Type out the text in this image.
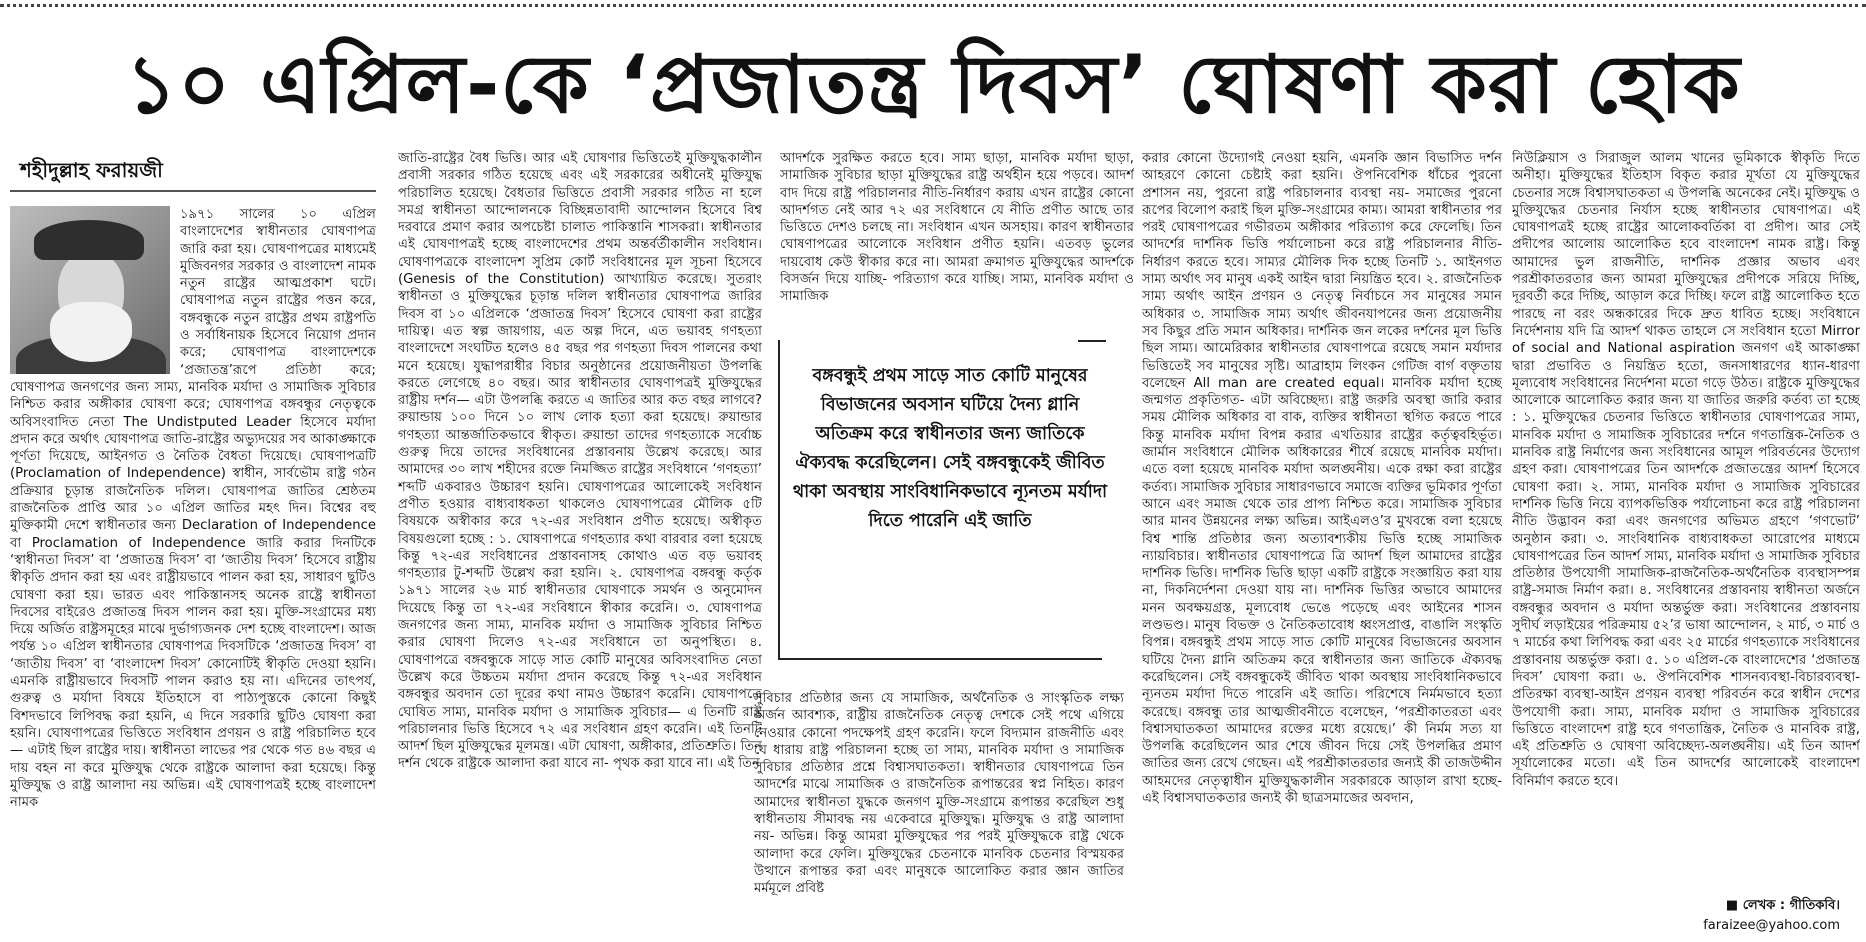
১০ এপ্রিল-কে ‘প্রজাতন্ত্র দিবস’ ঘোষণা করা হোক
শহীদুল্লাহ ফরায়জী

১৯৭১ সালের ১০ এপ্রিল বাংলাদেশের স্বাধীনতার ঘোষণাপত্র জারি করা হয়। ঘোষণাপত্রের মাধ্যমেই মুজিবনগর সরকার ও বাংলাদেশ নামক নতুন রাষ্ট্রের আত্মপ্রকাশ ঘটে। ঘোষণাপত্র নতুন রাষ্ট্রের পত্তন করে, বঙ্গবন্ধুকে নতুন রাষ্ট্রের প্রথম রাষ্ট্রপতি ও সর্বাধিনায়ক হিসেবে নিয়োগ প্রদান করে; ঘোষণাপত্র বাংলাদেশকে ‘প্রজাতন্ত্র’রূপে প্রতিষ্ঠা করে; ঘোষণাপত্র জনগণের জন্য সাম্য, মানবিক মর্যাদা ও সামাজিক সুবিচার নিশ্চিত করার অঙ্গীকার ঘোষণা করে; ঘোষণাপত্র বঙ্গবন্ধুর নেতৃত্বকে অবিসংবাদিত নেতা The Undistputed Leader হিসেবে মর্যাদা প্রদান করে অর্থাৎ ঘোষণাপত্র জাতি-রাষ্ট্রের অভ্যুদয়ের সব আকাঙ্ক্ষাকে পূর্ণতা দিয়েছে, আইনগত ও নৈতিক বৈধতা দিয়েছে। ঘোষণাপত্রটি (Proclamation of Independence) স্বাধীন, সার্বভৌম রাষ্ট্র গঠন প্রক্রিয়ার চূড়ান্ত রাজনৈতিক দলিল। ঘোষণাপত্র জাতির শ্রেষ্ঠতম রাজনৈতিক প্রাপ্তি আর ১০ এপ্রিল জাতির মহৎ দিন। বিশ্বের বহু মুক্তিকামী দেশে স্বাধীনতার জন্য Declaration of Independence বা Proclamation of Independence জারি করার দিনটিকে ‘স্বাধীনতা দিবস’ বা ‘প্রজাতন্ত্র দিবস’ বা ‘জাতীয় দিবস’ হিসেবে রাষ্ট্রীয় স্বীকৃতি প্রদান করা হয় এবং রাষ্ট্রীয়ভাবে পালন করা হয়, সাধারণ ছুটিও ঘোষণা করা হয়। ভারত এবং পাকিস্তানসহ অনেক রাষ্ট্রে স্বাধীনতা দিবসের বাইরেও প্রজাতন্ত্র দিবস পালন করা হয়। মুক্তি-সংগ্রামের মধ্য দিয়ে অর্জিত রাষ্ট্রসমূহের মাঝে দুর্ভাগ্যজনক দেশ হচ্ছে বাংলাদেশ। আজ পর্যন্ত ১০ এপ্রিল স্বাধীনতার ঘোষণাপত্র দিবসটিকে ‘প্রজাতন্ত্র দিবস’ বা ‘জাতীয় দিবস’ বা ‘বাংলাদেশ দিবস’ কোনোটিই স্বীকৃতি দেওয়া হয়নি। এমনকি রাষ্ট্রীয়ভাবে দিবসটি পালন করাও হয় না। এদিনের তাৎপর্য, গুরুত্ব ও মর্যাদা বিষয়ে ইতিহাসে বা পাঠ্যপুস্তকে কোনো কিছুই বিশদভাবে লিপিবদ্ধ করা হয়নি, এ দিনে সরকারি ছুটিও ঘোষণা করা হয়নি। ঘোষণাপত্রের ভিত্তিতে সংবিধান প্রণয়ন ও রাষ্ট্র পরিচালিত হবে— এটাই ছিল রাষ্ট্রের দায়। স্বাধীনতা লাভের পর থেকে গত ৪৬ বছর এ দায় বহন না করে মুক্তিযুদ্ধ থেকে রাষ্ট্রকে আলাদা করা হয়েছে। কিন্তু মুক্তিযুদ্ধ ও রাষ্ট্র আলাদা নয় অভিন্ন। এই ঘোষণাপত্রই হচ্ছে বাংলাদেশ নামক

জাতি-রাষ্ট্রের বৈধ ভিত্তি। আর এই ঘোষণার ভিত্তিতেই মুক্তিযুদ্ধকালীন প্রবাসী সরকার গঠিত হয়েছে এবং এই সরকারের অধীনেই মুক্তিযুদ্ধ পরিচালিত হয়েছে। বৈধতার ভিত্তিতে প্রবাসী সরকার গঠিত না হলে সমগ্র স্বাধীনতা আন্দোলনকে বিচ্ছিন্নতাবাদী আন্দোলন হিসেবে বিশ্ব দরবারে প্রমাণ করার অপচেষ্টা চালাত পাকিস্তানি শাসকরা। স্বাধীনতার এই ঘোষণাপত্রই হচ্ছে বাংলাদেশের প্রথম অন্তর্বর্তীকালীন সংবিধান। ঘোষণাপত্রকে বাংলাদেশ সুপ্রিম কোর্ট সংবিধানের মূল সূচনা হিসেবে (Genesis of the Constitution) আখ্যায়িত করেছে। সুতরাং স্বাধীনতা ও মুক্তিযুদ্ধের চূড়ান্ত দলিল স্বাধীনতার ঘোষণাপত্র জারির দিবস বা ১০ এপ্রিলকে ‘প্রজাতন্ত্র দিবস’ হিসেবে ঘোষণা করা রাষ্ট্রের দায়িত্ব। এত স্বল্প জায়গায়, এত অল্প দিনে, এত ভয়াবহ গণহত্যা বাংলাদেশে সংঘটিত হলেও ৪৫ বছর পর গণহত্যা দিবস পালনের কথা মনে হয়েছে। যুদ্ধাপরাধীর বিচার অনুষ্ঠানের প্রয়োজনীয়তা উপলব্ধি করতে লেগেছে ৪০ বছর। আর স্বাধীনতার ঘোষণাপত্রই মুক্তিযুদ্ধের রাষ্ট্রীয় দর্শন— এটা উপলব্ধি করতে এ জাতির আর কত বছর লাগবে? রুয়ান্ডায় ১০০ দিনে ১০ লাখ লোক হত্যা করা হয়েছে। রুয়ান্ডার গণহত্যা আন্তর্জাতিকভাবে স্বীকৃত। রুয়ান্ডা তাদের গণহত্যাকে সর্বোচ্চ গুরুত্ব দিয়ে তাদের সংবিধানের প্রস্তাবনায় উল্লেখ করেছে। আর আমাদের ৩০ লাখ শহীদের রক্তে নিমজ্জিত রাষ্ট্রের সংবিধানে ‘গণহত্যা’ শব্দটি একবারও উচ্চারণ হয়নি। ঘোষণাপত্রের আলোকেই সংবিধান প্রণীত হওয়ার বাধ্যবাধকতা থাকলেও ঘোষণাপত্রের মৌলিক ৫টি বিষয়কে অস্বীকার করে ৭২-এর সংবিধান প্রণীত হয়েছে। অস্বীকৃত বিষয়গুলো হচ্ছে : ১. ঘোষণাপত্রে গণহত্যার কথা বারবার বলা হয়েছে কিন্তু ৭২-এর সংবিধানের প্রস্তাবনাসহ কোথাও এত বড় ভয়াবহ গণহত্যার টু-শব্দটি উল্লেখ করা হয়নি। ২. ঘোষণাপত্র বঙ্গবন্ধু কর্তৃক ১৯৭১ সালের ২৬ মার্চ স্বাধীনতার ঘোষণাকে সমর্থন ও অনুমোদন দিয়েছে কিন্তু তা ৭২-এর সংবিধানে স্বীকার করেনি। ৩. ঘোষণাপত্র জনগণের জন্য সাম্য, মানবিক মর্যাদা ও সামাজিক সুবিচার নিশ্চিত করার ঘোষণা দিলেও ৭২-এর সংবিধানে তা অনুপস্থিত। ৪. ঘোষণাপত্রে বঙ্গবন্ধুকে সাড়ে সাত কোটি মানুষের অবিসংবাদিত নেতা উল্লেখ করে উচ্চতম মর্যাদা প্রদান করেছে কিন্তু ৭২-এর সংবিধান বঙ্গবন্ধুর অবদান তো দূরের কথা নামও উচ্চারণ করেনি। ঘোষণাপত্রে ঘোষিত সাম্য, মানবিক মর্যাদা ও সামাজিক সুবিচার— এ তিনটি রাষ্ট্র পরিচালনার ভিত্তি হিসেবে ৭২ এর সংবিধান গ্রহণ করেনি। এই তিনটি আদর্শ ছিল মুক্তিযুদ্ধের মূলমন্ত্র। এটা ঘোষণা, অঙ্গীকার, প্রতিশ্রুতি। তিন দর্শন থেকে রাষ্ট্রকে আলাদা করা যাবে না- পৃথক করা যাবে না। এই তিন

আদর্শকে সুরক্ষিত করতে হবে। সাম্য ছাড়া, মানবিক মর্যাদা ছাড়া, সামাজিক সুবিচার ছাড়া মুক্তিযুদ্ধের রাষ্ট্র অর্থহীন হয়ে পড়বে। আদর্শ বাদ দিয়ে রাষ্ট্র পরিচালনার নীতি-নির্ধারণ করায় এখন রাষ্ট্রের কোনো আদর্শগত নেই আর ৭২ এর সংবিধানে যে নীতি প্রণীত আছে তার ভিত্তিতে দেশও চলছে না। সংবিধান এখন অসহায়। কারণ স্বাধীনতার ঘোষণাপত্রের আলোকে সংবিধান প্রণীত হয়নি। এতবড় ভুলের দায়বোধ কেউ স্বীকার করে না। আমরা ক্রমাগত মুক্তিযুদ্ধের আদর্শকে বিসর্জন দিয়ে যাচ্ছি- পরিত্যাগ করে যাচ্ছি। সাম্য, মানবিক মর্যাদা ও সামাজিক

বঙ্গবন্ধুই প্রথম সাড়ে সাত কোটি মানুষের বিভাজনের অবসান ঘটিয়ে দৈন্য গ্লানি অতিক্রম করে স্বাধীনতার জন্য জাতিকে ঐক্যবদ্ধ করেছিলেন। সেই বঙ্গবন্ধুকেই জীবিত থাকা অবস্থায় সাংবিধানিকভাবে ন্যূনতম মর্যাদা দিতে পারেনি এই জাতি

সুবিচার প্রতিষ্ঠার জন্য যে সামাজিক, অর্থনৈতিক ও সাংস্কৃতিক লক্ষ্য অর্জন আবশ্যক, রাষ্ট্রীয় রাজনৈতিক নেতৃত্ব দেশকে সেই পথে এগিয়ে নেওয়ার কোনো পদক্ষেপই গ্রহণ করেনি। ফলে বিদ্যমান রাজনীতি এবং যে ধারায় রাষ্ট্র পরিচালনা হচ্ছে তা সাম্য, মানবিক মর্যাদা ও সামাজিক সুবিচার প্রতিষ্ঠার প্রশ্নে বিশ্বাসঘাতকতা। স্বাধীনতার ঘোষণাপত্রে তিন আদর্শের মাঝে সামাজিক ও রাজনৈতিক রূপান্তরের স্বপ্ন নিহিত। কারণ আমাদের স্বাধীনতা যুদ্ধকে জনগণ মুক্তি-সংগ্রামে রূপান্তর করেছিল শুধু স্বাধীনতায় সীমাবদ্ধ নয় একেবারে মুক্তিযুদ্ধ। মুক্তিযুদ্ধ ও রাষ্ট্র আলাদা নয়- অভিন্ন। কিন্তু আমরা মুক্তিযুদ্ধের পর পরই মুক্তিযুদ্ধকে রাষ্ট্র থেকে আলাদা করে ফেলি। মুক্তিযুদ্ধের চেতনাকে মানবিক চেতনার বিস্ময়কর উত্থানে রূপান্তর করা এবং মানুষকে আলোকিত করার জ্ঞান জাতির মর্মমূলে প্রবিষ্ট

করার কোনো উদ্যোগই নেওয়া হয়নি, এমনকি জ্ঞান বিভাসিত দর্শন আহরণে কোনো চেষ্টাই করা হয়নি। ঔপনিবেশিক ধাঁচের পুরনো প্রশাসন নয়, পুরনো রাষ্ট্র পরিচালনার ব্যবস্থা নয়- সমাজের পুরনো রূপের বিলোপ করাই ছিল মুক্তি-সংগ্রামের কাম্য। আমরা স্বাধীনতার পর পরই ঘোষণাপত্রের গভীরতম অঙ্গীকার পরিত্যাগ করে ফেলেছি। তিন আদর্শের দার্শনিক ভিত্তি পর্যালোচনা করে রাষ্ট্র পরিচালনার নীতি-নির্ধারণ করতে হবে। সাম্যর মৌলিক দিক হচ্ছে তিনটি ১. আইনগত সাম্য অর্থাৎ সব মানুষ একই আইন দ্বারা নিয়ন্ত্রিত হবে। ২. রাজনৈতিক সাম্য অর্থাৎ আইন প্রণয়ন ও নেতৃত্ব নির্বাচনে সব মানুষের সমান অধিকার ৩. সামাজিক সাম্য অর্থাৎ জীবনযাপনের জন্য প্রয়োজনীয় সব কিছুর প্রতি সমান অধিকার। দার্শনিক জন লকের দর্শনের মূল ভিত্তি ছিল সাম্য। আমেরিকার স্বাধীনতার ঘোষণাপত্রে রয়েছে সমান মর্যাদার ভিত্তিতেই সব মানুষের সৃষ্টি। আব্রাহাম লিংকন গেটিজ বার্গ বক্তৃতায় বলেছেন All man are created equal। মানবিক মর্যাদা হচ্ছে জন্মগত প্রকৃতিগত- এটা অবিচ্ছেদ্য। রাষ্ট্র জরুরি অবস্থা জারি করার সময় মৌলিক অধিকার বা বাক, ব্যক্তির স্বাধীনতা স্থগিত করতে পারে কিন্তু মানবিক মর্যাদা বিপন্ন করার এখতিয়ার রাষ্ট্রের কর্তৃত্ববহির্ভূত। জার্মান সংবিধানে মৌলিক অধিকারের শীর্ষে রয়েছে মানবিক মর্যাদা। এতে বলা হয়েছে মানবিক মর্যাদা অলঙ্ঘনীয়। একে রক্ষা করা রাষ্ট্রের কর্তব্য। সামাজিক সুবিচার সাধারণভাবে সমাজে ব্যক্তির ভূমিকার পূর্ণতা আনে এবং সমাজ থেকে তার প্রাপ্য নিশ্চিত করে। সামাজিক সুবিচার আর মানব উন্নয়নের লক্ষ্য অভিন্ন। আইএলও’র মুখবন্ধে বলা হয়েছে বিশ্ব শান্তি প্রতিষ্ঠার জন্য অত্যাবশ্যকীয় ভিত্তি হচ্ছে সামাজিক ন্যায়বিচার। স্বাধীনতার ঘোষণাপত্রে ত্রি আদর্শ ছিল আমাদের রাষ্ট্রের দার্শনিক ভিত্তি। দার্শনিক ভিত্তি ছাড়া একটি রাষ্ট্রকে সংজ্ঞায়িত করা যায় না, দিকনির্দেশনা দেওয়া যায় না। দার্শনিক ভিত্তির অভাবে আমাদের মনন অবক্ষয়গ্রস্ত, মূল্যবোধ ভেঙে পড়েছে এবং আইনের শাসন লণ্ডভণ্ড। মানুষ বিভক্ত ও নৈতিকতাবোধ ধ্বংসপ্রাপ্ত, বাঙালি সংস্কৃতি বিপন্ন। বঙ্গবন্ধুই প্রথম সাড়ে সাত কোটি মানুষের বিভাজনের অবসান ঘটিয়ে দৈন্য গ্লানি অতিক্রম করে স্বাধীনতার জন্য জাতিকে ঐক্যবদ্ধ করেছিলেন। সেই বঙ্গবন্ধুকেই জীবিত থাকা অবস্থায় সাংবিধানিকভাবে ন্যূনতম মর্যাদা দিতে পারেনি এই জাতি। পরিশেষে নির্মমভাবে হত্যা করেছে। বঙ্গবন্ধু তার আত্মজীবনীতে বলেছেন, ‘পরশ্রীকাতরতা এবং বিশ্বাসঘাতকতা আমাদের রক্তের মধ্যে রয়েছে।’ কী নির্মম সত্য যা উপলব্ধি করেছিলেন আর শেষে জীবন দিয়ে সেই উপলব্ধির প্রমাণ জাতির জন্য রেখে গেছেন। এই পরশ্রীকাতরতার জন্যই কী তাজউদ্দীন আহমদের নেতৃত্বাধীন মুক্তিযুদ্ধকালীন সরকারকে আড়াল রাখা হচ্ছে- এই বিশ্বাসঘাতকতার জন্যই কী ছাত্রসমাজের অবদান,

নিউক্লিয়াস ও সিরাজুল আলম খানের ভূমিকাকে স্বীকৃতি দিতে অনীহা। মুক্তিযুদ্ধের ইতিহাস বিকৃত করার মূর্খতা যে মুক্তিযুদ্ধের চেতনার সঙ্গে বিশ্বাসঘাতকতা এ উপলব্ধি অনেকের নেই। মুক্তিযুদ্ধ ও মুক্তিযুদ্ধের চেতনার নির্যাস হচ্ছে স্বাধীনতার ঘোষণাপত্র। এই ঘোষণাপত্রই হচ্ছে রাষ্ট্রের আলোকবর্তিকা বা প্রদীপ। আর সেই প্রদীপের আলোয় আলোকিত হবে বাংলাদেশ নামক রাষ্ট্র। কিন্তু আমাদের ভুল রাজনীতি, দার্শনিক প্রজ্ঞার অভাব এবং পরশ্রীকাতরতার জন্য আমরা মুক্তিযুদ্ধের প্রদীপকে সরিয়ে দিচ্ছি, দূরবর্তী করে দিচ্ছি, আড়াল করে দিচ্ছি। ফলে রাষ্ট্র আলোকিত হতে পারছে না বরং অন্ধকারের দিকে দ্রুত ধাবিত হচ্ছে। সংবিধানে নির্দেশনায় যদি ত্রি আদর্শ থাকত তাহলে সে সংবিধান হতো Mirror of social and National aspiration জনগণ এই আকাঙ্ক্ষা দ্বারা প্রভাবিত ও নিয়ন্ত্রিত হতো, জনসাধারণের ধ্যান-ধারণা মূল্যবোধ সংবিধানের নির্দেশনা মতো গড়ে উঠত। রাষ্ট্রকে মুক্তিযুদ্ধের আলোকে আলোকিত করার জন্য যা জাতির জরুরি কর্তব্য তা হচ্ছে : ১. মুক্তিযুদ্ধের চেতনার ভিত্তিতে স্বাধীনতার ঘোষণাপত্রের সাম্য, মানবিক মর্যাদা ও সামাজিক সুবিচারের দর্শনে গণতান্ত্রিক-নৈতিক ও মানবিক রাষ্ট্র নির্মাণের জন্য সংবিধানের আমূল পরিবর্তনের উদ্যোগ গ্রহণ করা। ঘোষণাপত্রের তিন আদর্শকে প্রজাতন্ত্রের আদর্শ হিসেবে ঘোষণা করা। ২. সাম্য, মানবিক মর্যাদা ও সামাজিক সুবিচারের দার্শনিক ভিত্তি নিয়ে ব্যাপকভিত্তিক পর্যালোচনা করে রাষ্ট্র পরিচালনা নীতি উদ্ভাবন করা এবং জনগণের অভিমত গ্রহণে ‘গণভোট’ অনুষ্ঠান করা। ৩. সাংবিধানিক বাধ্যবাধকতা আরোপের মাধ্যমে ঘোষণাপত্রের তিন আদর্শ সাম্য, মানবিক মর্যাদা ও সামাজিক সুবিচার প্রতিষ্ঠার উপযোগী সামাজিক-রাজনৈতিক-অর্থনৈতিক ব্যবস্থাসম্পন্ন রাষ্ট্র-সমাজ নির্মাণ করা। ৪. সংবিধানের প্রস্তাবনায় স্বাধীনতা অর্জনে বঙ্গবন্ধুর অবদান ও মর্যাদা অন্তর্ভুক্ত করা। সংবিধানের প্রস্তাবনায় সুদীর্ঘ লড়াইয়ের পরিক্রমায় ৫২’র ভাষা আন্দোলন, ২ মার্চ, ৩ মার্চ ও ৭ মার্চের কথা লিপিবদ্ধ করা এবং ২৫ মার্চের গণহত্যাকে সংবিধানের প্রস্তাবনায় অন্তর্ভুক্ত করা। ৫. ১০ এপ্রিল-কে বাংলাদেশের ‘প্রজাতন্ত্র দিবস’ ঘোষণা করা। ৬. ঔপনিবেশিক শাসনব্যবস্থা-বিচারব্যবস্থা-প্রতিরক্ষা ব্যবস্থা-আইন প্রণয়ন ব্যবস্থা পরিবর্তন করে স্বাধীন দেশের উপযোগী করা। সাম্য, মানবিক মর্যাদা ও সামাজিক সুবিচারের ভিত্তিতে বাংলাদেশ রাষ্ট্র হবে গণতান্ত্রিক, নৈতিক ও মানবিক রাষ্ট্র, এই প্রতিশ্রুতি ও ঘোষণা অবিচ্ছেদ্য-অলঙ্ঘনীয়। এই তিন আদর্শ সূর্যালোকের মতো। এই তিন আদর্শের আলোকেই বাংলাদেশ বিনির্মাণ করতে হবে।

■ লেখক : গীতিকবি।
faraizee@yahoo.com
